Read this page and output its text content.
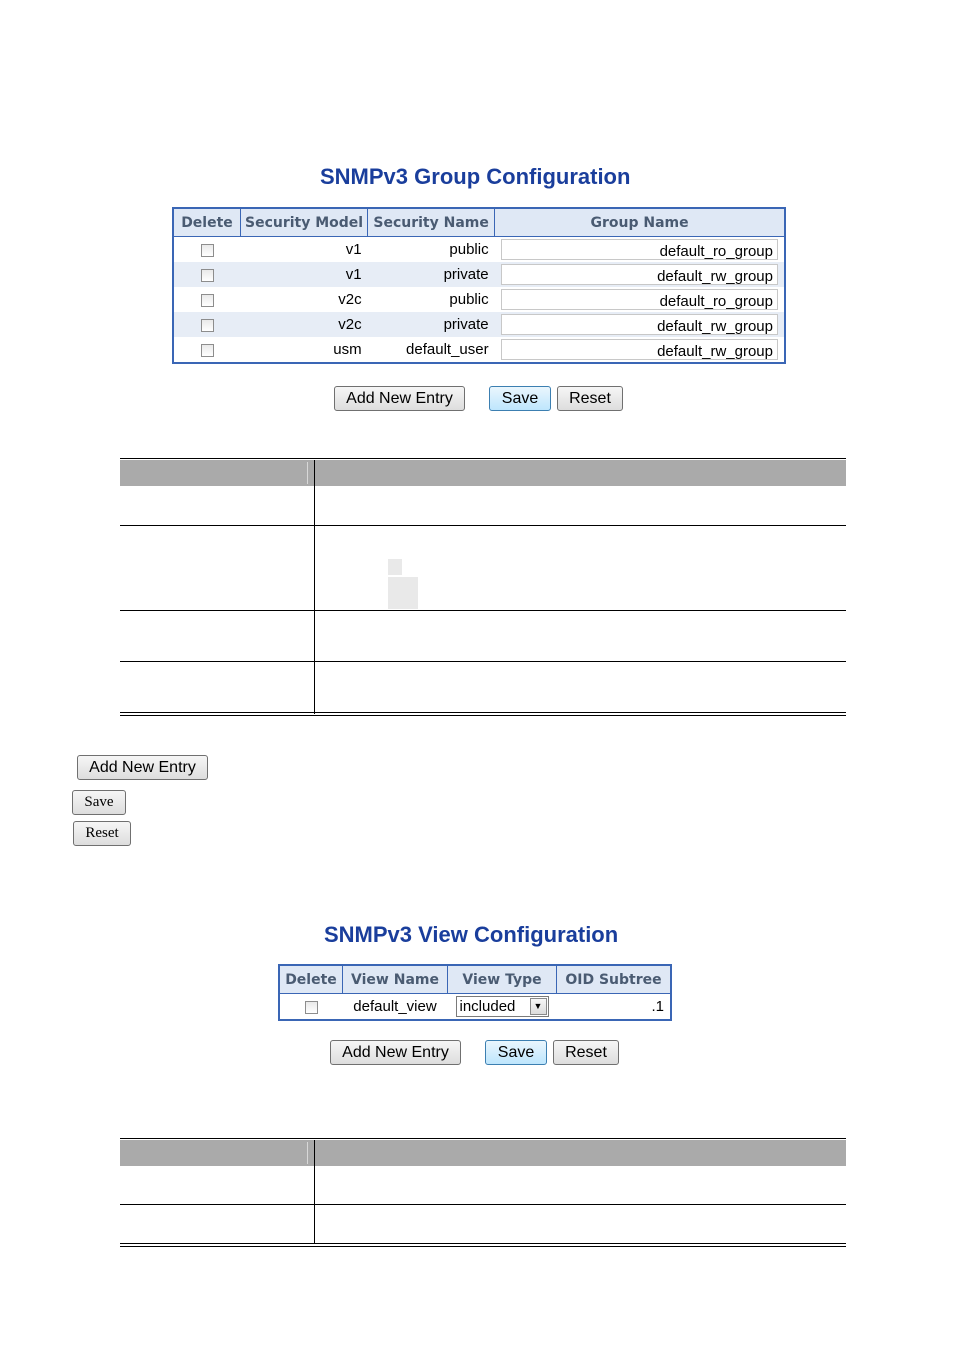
SNMPv3 Group Configuration
Delete	Security Model	Security Name	Group Name
	v1	public	default_ro_group

	v1	private	default_rw_group

	v2c	public	default_ro_group

	v2c	private	default_rw_group

	usm	default_user	default_rw_group
Add New Entry	Save	Reset
Add New Entry
Save
Reset
SNMPv3 View Configuration
Delete	View Name	View Type	OID Subtree
	default_view	included ▼	.1
Add New Entry	Save	Reset
